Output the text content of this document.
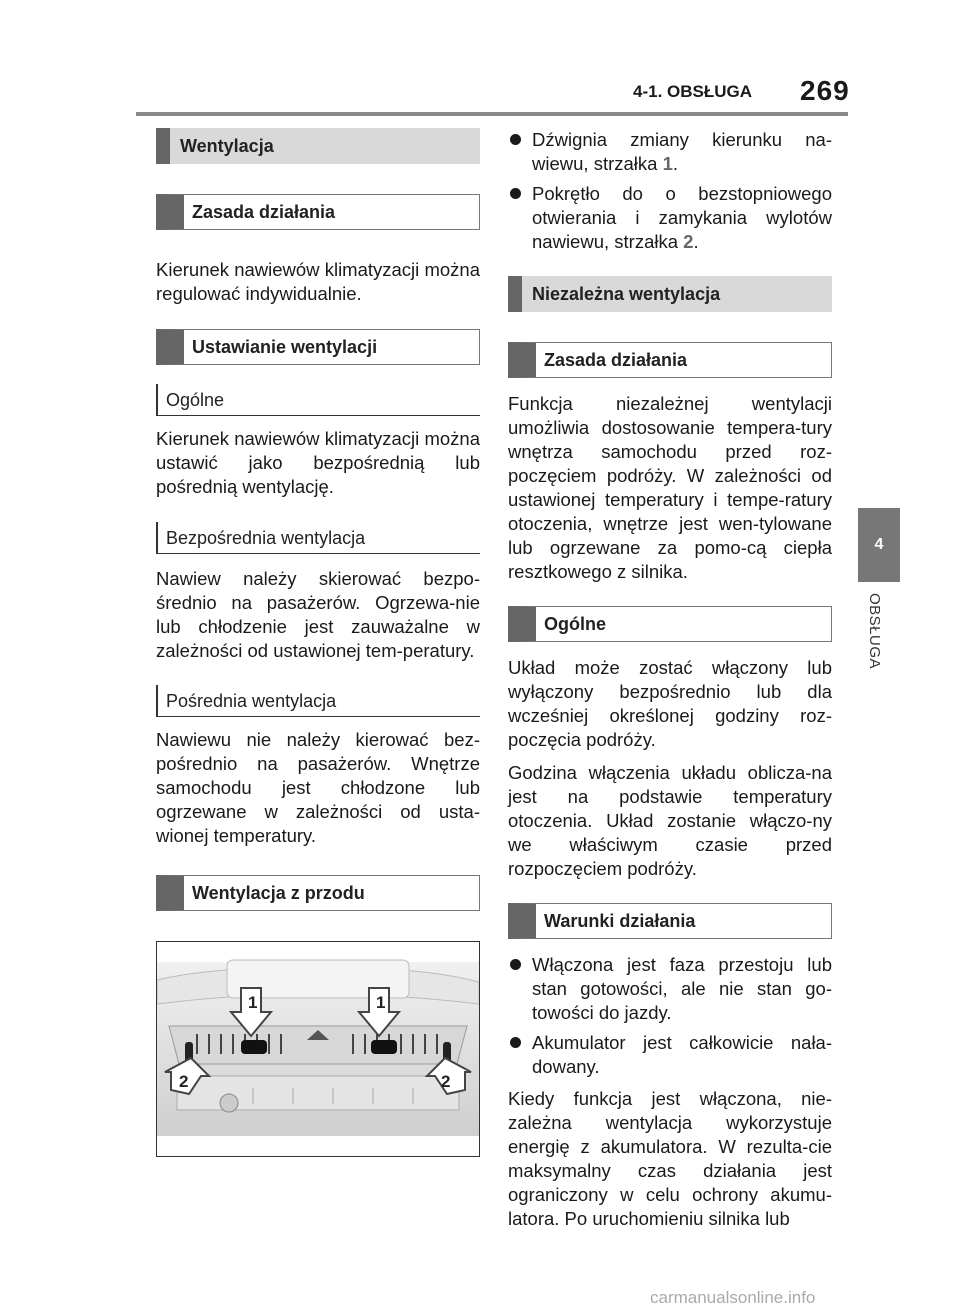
4-1. OBSŁUGA 269
4
OBSŁUGA
Wentylacja
Zasada działania

Kierunek nawiewów klimatyzacji można regulować indywidualnie.

Ustawianie wentylacji
Ogólne

Kierunek nawiewów klimatyzacji można ustawić jako bezpośrednią lub pośrednią wentylację.

Bezpośrednia wentylacja

Nawiew należy skierować bezpo-średnio na pasażerów. Ogrzewa-nie lub chłodzenie jest zauważalne w zależności od ustawionej tem-peratury.

Pośrednia wentylacja

Nawiewu nie należy kierować bez-pośrednio na pasażerów. Wnętrze samochodu jest chłodzone lub ogrzewane w zależności od usta-wionej temperatury.

Wentylacja z przodu
1	1
2	2
Dźwignia zmiany kierunku na-wiewu, strzałka 1.
Pokrętło do o bezstopniowego otwierania i zamykania wylotów nawiewu, strzałka 2.
Niezależna wentylacja
Zasada działania

Funkcja niezależnej wentylacji umożliwia dostosowanie tempera-tury wnętrza samochodu przed roz-poczęciem podróży. W zależności od ustawionej temperatury i tempe-ratury otoczenia, wnętrze jest wen-tylowane lub ogrzewane za pomo-cą ciepła resztkowego z silnika.

Ogólne

Układ może zostać włączony lub wyłączony bezpośrednio lub dla wcześniej określonej godziny roz-poczęcia podróży.

Godzina włączenia układu oblicza-na jest na podstawie temperatury otoczenia. Układ zostanie włączo-ny we właściwym czasie przed rozpoczęciem podróży.

Warunki działania
Włączona jest faza przestoju lub stan gotowości, ale nie stan go-towości do jazdy.
Akumulator jest całkowicie nała-dowany.

Kiedy funkcja jest włączona, nie-zależna wentylacja wykorzystuje energię z akumulatora. W rezulta-cie maksymalny czas działania jest ograniczony w celu ochrony akumu-latora. Po uruchomieniu silnika lub

carmanualsonline.info
